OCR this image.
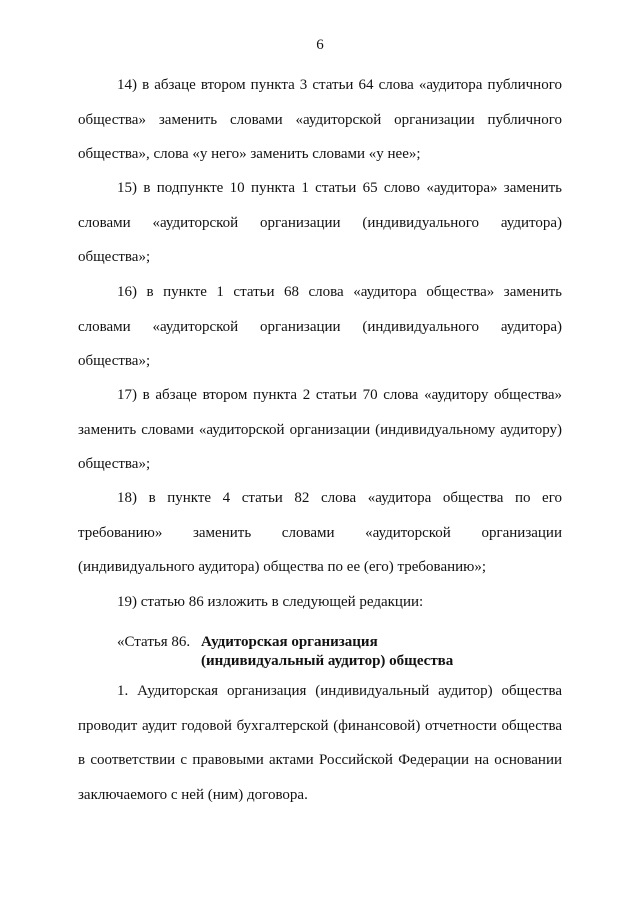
6

14) в абзаце втором пункта 3 статьи 64 слова «аудитора публичного общества» заменить словами «аудиторской организации публичного общества», слова «у него» заменить словами «у нее»;

15) в подпункте 10 пункта 1 статьи 65 слово «аудитора» заменить словами «аудиторской организации (индивидуального аудитора) общества»;

16) в пункте 1 статьи 68 слова «аудитора общества» заменить словами «аудиторской организации (индивидуального аудитора) общества»;

17) в абзаце втором пункта 2 статьи 70 слова «аудитору общества» заменить словами «аудиторской организации (индивидуальному аудитору) общества»;

18) в пункте 4 статьи 82 слова «аудитора общества по его требованию» заменить словами «аудиторской организации (индивидуального аудитора) общества по ее (его) требованию»;

19) статью 86 изложить в следующей редакции:

«Статья 86. Аудиторская организация
(индивидуальный аудитор) общества

1. Аудиторская организация (индивидуальный аудитор) общества проводит аудит годовой бухгалтерской (финансовой) отчетности общества в соответствии с правовыми актами Российской Федерации на основании заключаемого с ней (ним) договора.
